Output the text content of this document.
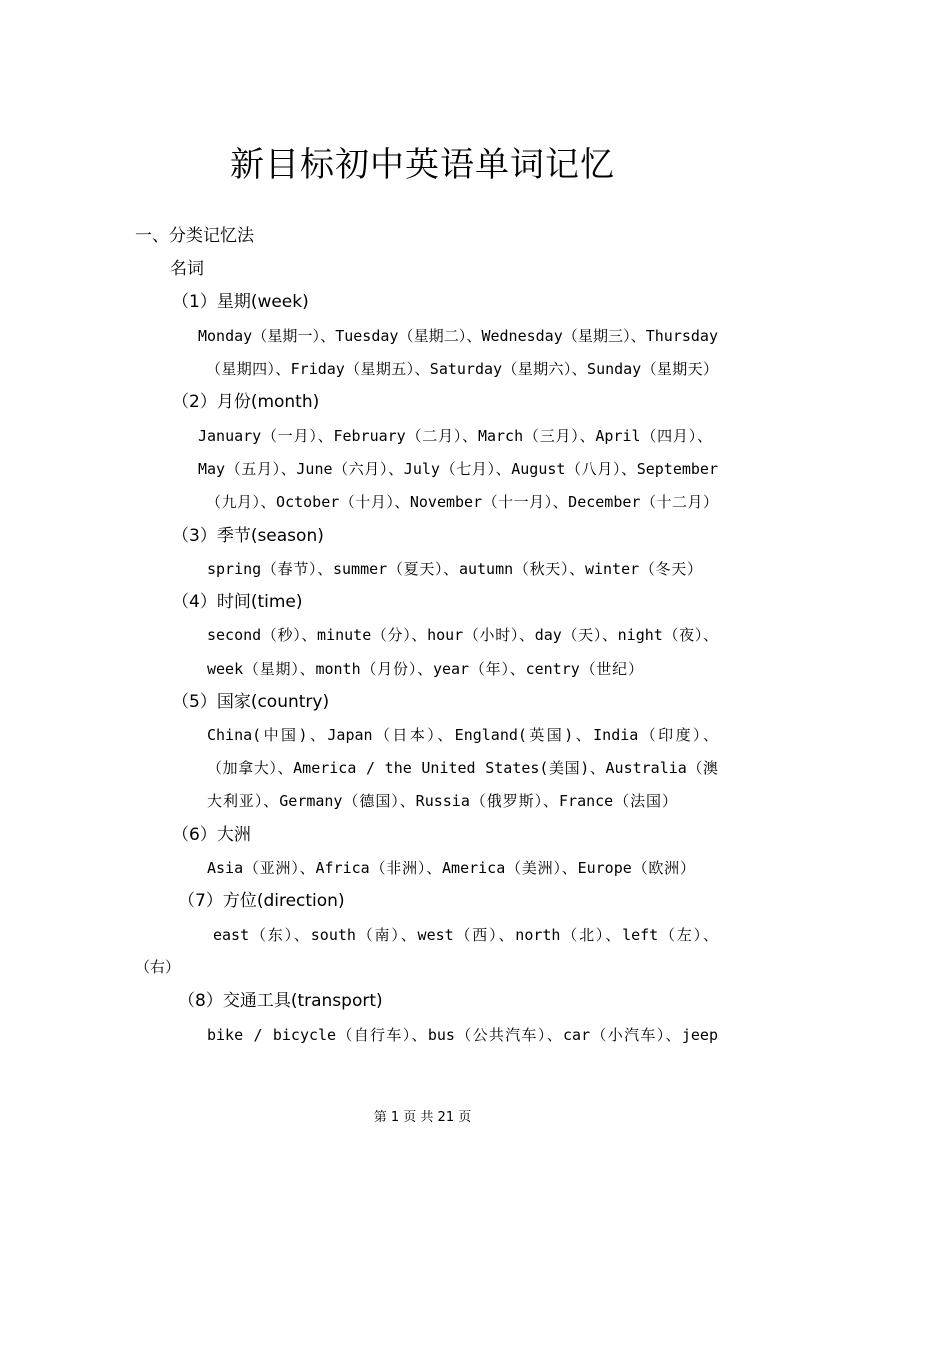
新目标初中英语单词记忆
一、分类记忆法
名词
（1）星期(week)
Monday（星期一）、Tuesday（星期二）、Wednesday（星期三）、Thursday
（星期四）、Friday（星期五）、Saturday（星期六）、Sunday（星期天）
（2）月份(month)
January（一月）、February（二月）、March（三月）、April（四月）、
May（五月）、June（六月）、July（七月）、August（八月）、September
（九月）、October（十月）、November（十一月）、December（十二月）
（3）季节(season)
spring（春节）、summer（夏天）、autumn（秋天）、winter（冬天）
（4）时间(time)
second（秒）、minute（分）、hour（小时）、day（天）、night（夜）、
week（星期）、month（月份）、year（年）、centry（世纪）
（5）国家(country)
China(中国)、Japan（日本）、England(英国)、India（印度）、
（加拿大）、America / the United States(美国)、Australia（澳
大利亚）、Germany（德国）、Russia（俄罗斯）、France（法国）
（6）大洲
Asia（亚洲）、Africa（非洲）、America（美洲）、Europe（欧洲）
（7）方位(direction)
east（东）、south（南）、west（西）、north（北）、left（左）、
（右）
（8）交通工具(transport)
bike / bicycle（自行车）、bus（公共汽车）、car（小汽车）、jeep
第 1 页 共 21 页
